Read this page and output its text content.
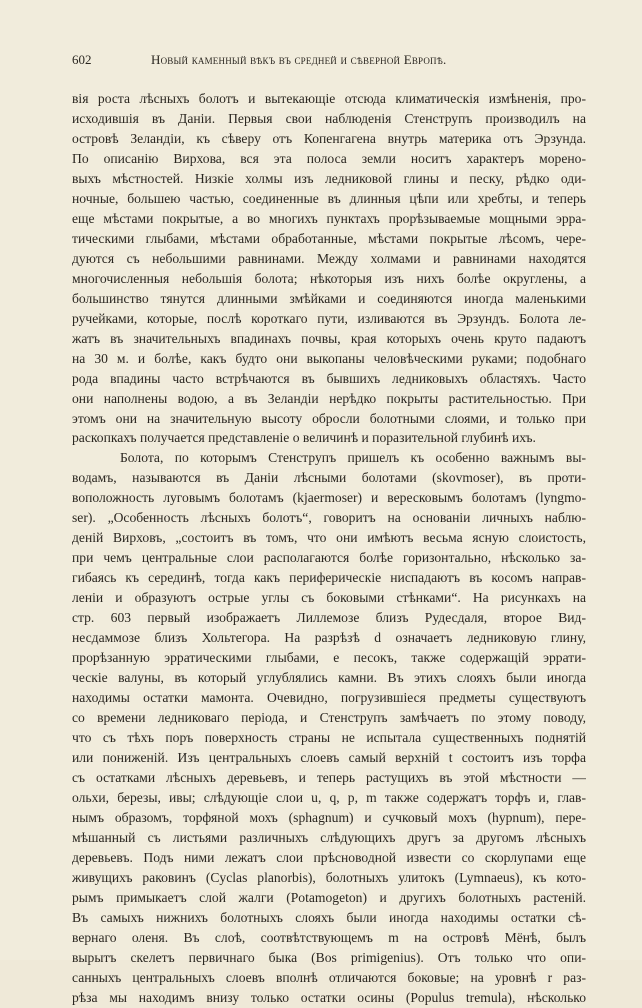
602	Новый каменный вѣкъ въ средней и сѣверной Европѣ.
вія роста лѣсныхъ болотъ и вытекающіе отсюда климатическія измѣненія, про-
исходившія въ Даніи. Первыя свои наблюденія Стенструпъ производилъ на
островѣ Зеландіи, къ сѣверу отъ Копенгагена внутрь материка отъ Эрзунда.
По описанію Вирхова, вся эта полоса земли носитъ характеръ морено-
выхъ мѣстностей. Низкіе холмы изъ ледниковой глины и песку, рѣдко оди-
ночные, большею частью, соединенные въ длинныя цѣпи или хребты, и теперь
еще мѣстами покрытые, а во многихъ пунктахъ прорѣзываемые мощными эрра-
тическими глыбами, мѣстами обработанные, мѣстами покрытые лѣсомъ, чере-
дуются съ небольшими равнинами. Между холмами и равнинами находятся
многочисленныя небольшія болота; нѣкоторыя изъ нихъ болѣе округлены, а
большинство тянутся длинными змѣйками и соединяются иногда маленькими
ручейками, которые, послѣ короткаго пути, изливаются въ Эрзундъ. Болота ле-
жатъ въ значительныхъ впадинахъ почвы, края которыхъ очень круто падаютъ
на 30 м. и болѣе, какъ будто они выкопаны человѣческими руками; подобнаго
рода впадины часто встрѣчаются въ бывшихъ ледниковыхъ областяхъ. Часто
они наполнены водою, а въ Зеландіи нерѣдко покрыты растительностью. При
этомъ они на значительную высоту обросли болотными слоями, и только при
раскопкахъ получается представленіе о величинѣ и поразительной глубинѣ ихъ.
Болота, по которымъ Стенструпъ пришелъ къ особенно важнымъ вы-
водамъ, называются въ Даніи лѣсными болотами (skovmoser), въ проти-
воположность луговымъ болотамъ (kjaermoser) и вересковымъ болотамъ (lyngmo-
ser). „Особенность лѣсныхъ болотъ“, говоритъ на основаніи личныхъ наблю-
деній Вирховъ, „состоитъ въ томъ, что они имѣютъ весьма ясную слоистость,
при чемъ центральные слои располагаются болѣе горизонтально, нѣсколько за-
гибаясь къ серединѣ, тогда какъ периферическіе ниспадаютъ въ косомъ направ-
леніи и образуютъ острые углы съ боковыми стѣнками“. На рисункахъ на
стр. 603 первый изображаетъ Лиллемозе близъ Рудесдаля, второе Вид-
несдаммозе близъ Хольтегора. На разрѣзѣ d означаетъ ледниковую глину,
прорѣзанную эрратическими глыбами, e песокъ, также содержащій эррати-
ческіе валуны, въ который углублялись камни. Въ этихъ слояхъ были иногда
находимы остатки мамонта. Очевидно, погрузившіеся предметы существуютъ
со времени ледниковаго періода, и Стенструпъ замѣчаетъ по этому поводу,
что съ тѣхъ поръ поверхность страны не испытала существенныхъ поднятій
или пониженій. Изъ центральныхъ слоевъ самый верхній t состоитъ изъ торфа
съ остатками лѣсныхъ деревьевъ, и теперь растущихъ въ этой мѣстности —
ольхи, березы, ивы; слѣдующіе слои u, q, p, m также содержатъ торфъ и, глав-
нымъ образомъ, торфяной мохъ (sphagnum) и сучковый мохъ (hypnum), пере-
мѣшанный съ листьями различныхъ слѣдующихъ другъ за другомъ лѣсныхъ
деревьевъ. Подъ ними лежатъ слои прѣсноводной извести со скорлупами еще
живущихъ раковинъ (Cyclas planorbis), болотныхъ улитокъ (Lymnaeus), къ кото-
рымъ примыкаетъ слой жалги (Potamogeton) и другихъ болотныхъ растеній.
Въ самыхъ нижнихъ болотныхъ слояхъ были иногда находимы остатки сѣ-
вернаго оленя. Въ слоѣ, соотвѣтствующемъ m на островѣ Мёнѣ, былъ
вырытъ скелетъ первичнаго быка (Bos primigenius). Отъ только что опи-
санныхъ центральныхъ слоевъ вполнѣ отличаются боковые; на уровнѣ r раз-
рѣза мы находимъ внизу только остатки осины (Populus tremula), нѣсколько
